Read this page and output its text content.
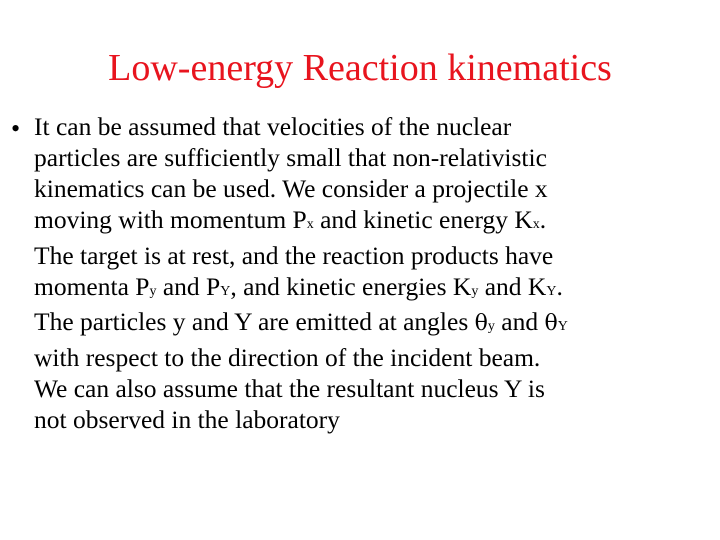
Low-energy Reaction kinematics
• It can be assumed that velocities of the nuclear
particles are sufficiently small that non-relativistic
kinematics can be used. We consider a projectile x
moving with momentum Px and kinetic energy Kx.
The target is at rest, and the reaction products have
momenta Py and PY, and kinetic energies Ky and KY.
The particles y and Y are emitted at angles θy and θY
with respect to the direction of the incident beam.
We can also assume that the resultant nucleus Y is
not observed in the laboratory
